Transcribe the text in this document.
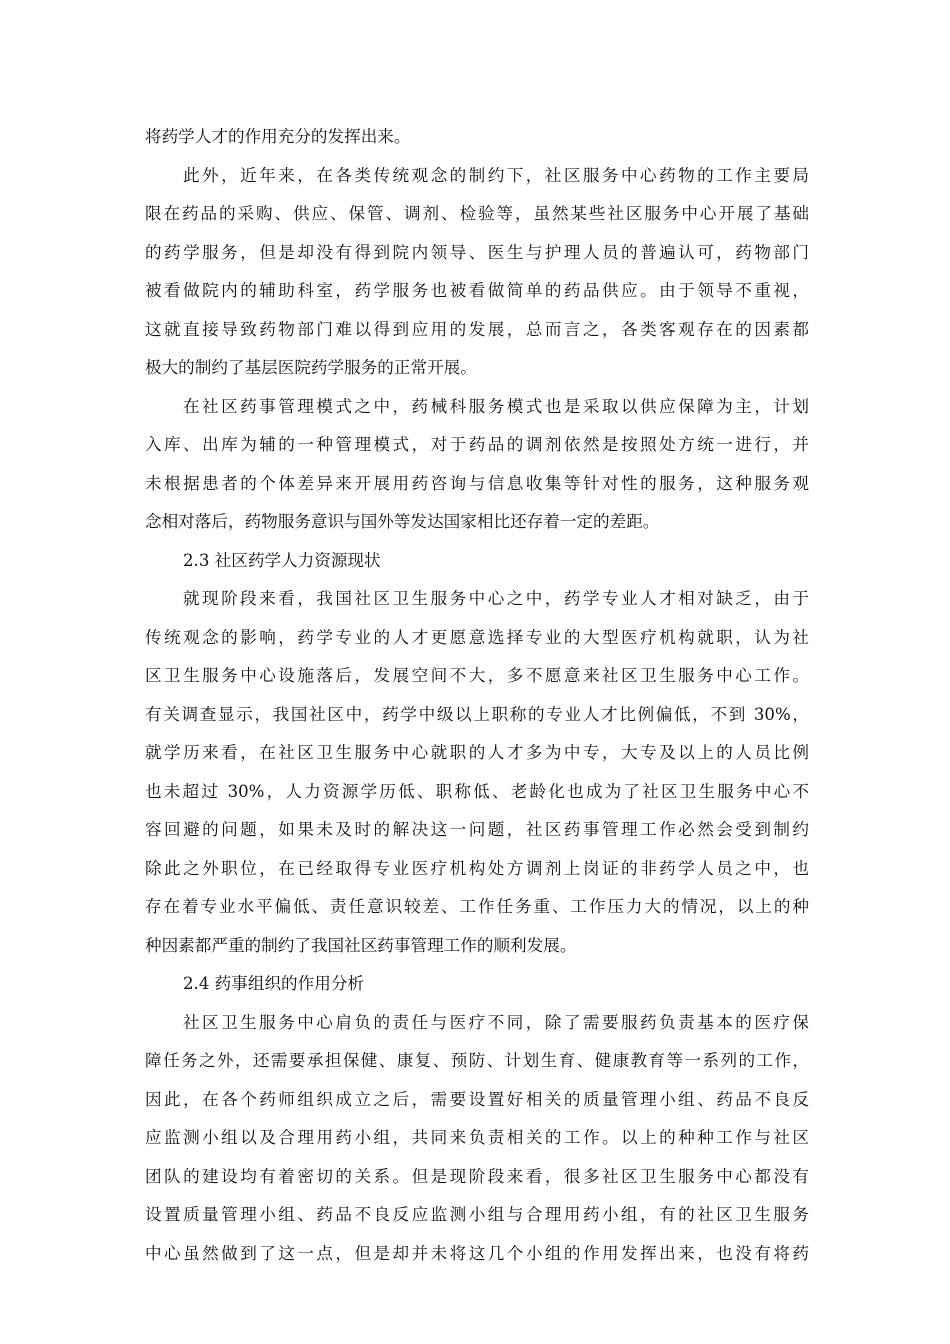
将药学人才的作用充分的发挥出来。
此外，近年来，在各类传统观念的制约下，社区服务中心药物的工作主要局
限在药品的采购、供应、保管、调剂、检验等，虽然某些社区服务中心开展了基础
的药学服务，但是却没有得到院内领导、医生与护理人员的普遍认可，药物部门
被看做院内的辅助科室，药学服务也被看做简单的药品供应。由于领导不重视，
这就直接导致药物部门难以得到应用的发展，总而言之，各类客观存在的因素都
极大的制约了基层医院药学服务的正常开展。
在社区药事管理模式之中，药械科服务模式也是采取以供应保障为主，计划
入库、出库为辅的一种管理模式，对于药品的调剂依然是按照处方统一进行，并
未根据患者的个体差异来开展用药咨询与信息收集等针对性的服务，这种服务观
念相对落后，药物服务意识与国外等发达国家相比还存着一定的差距。
2.3 社区药学人力资源现状
就现阶段来看，我国社区卫生服务中心之中，药学专业人才相对缺乏，由于
传统观念的影响，药学专业的人才更愿意选择专业的大型医疗机构就职，认为社
区卫生服务中心设施落后，发展空间不大，多不愿意来社区卫生服务中心工作。
有关调查显示，我国社区中，药学中级以上职称的专业人才比例偏低，不到 30%，
就学历来看，在社区卫生服务中心就职的人才多为中专，大专及以上的人员比例
也未超过 30%，人力资源学历低、职称低、老龄化也成为了社区卫生服务中心不
容回避的问题，如果未及时的解决这一问题，社区药事管理工作必然会受到制约
除此之外职位，在已经取得专业医疗机构处方调剂上岗证的非药学人员之中，也
存在着专业水平偏低、责任意识较差、工作任务重、工作压力大的情况，以上的种
种因素都严重的制约了我国社区药事管理工作的顺利发展。
2.4 药事组织的作用分析
社区卫生服务中心肩负的责任与医疗不同，除了需要服药负责基本的医疗保
障任务之外，还需要承担保健、康复、预防、计划生育、健康教育等一系列的工作，
因此，在各个药师组织成立之后，需要设置好相关的质量管理小组、药品不良反
应监测小组以及合理用药小组，共同来负责相关的工作。以上的种种工作与社区
团队的建设均有着密切的关系。但是现阶段来看，很多社区卫生服务中心都没有
设置质量管理小组、药品不良反应监测小组与合理用药小组，有的社区卫生服务
中心虽然做到了这一点，但是却并未将这几个小组的作用发挥出来，也没有将药
